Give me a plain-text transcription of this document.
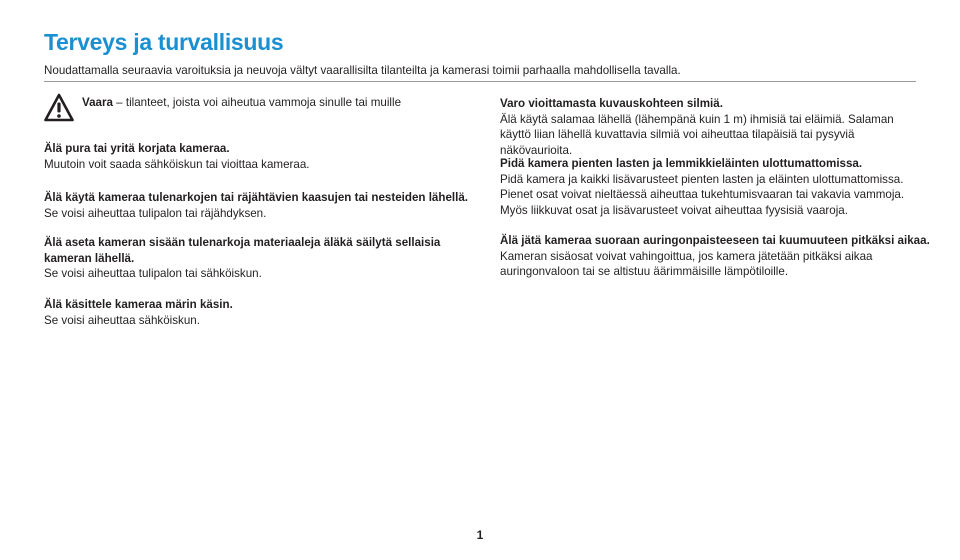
Terveys ja turvallisuus

Noudattamalla seuraavia varoituksia ja neuvoja vältyt vaarallisilta tilanteilta ja kamerasi toimii parhaalla mahdollisella tavalla.

Vaara – tilanteet, joista voi aiheutua vammoja sinulle tai muille

Älä pura tai yritä korjata kameraa.

Muutoin voit saada sähköiskun tai vioittaa kameraa.

Älä käytä kameraa tulenarkojen tai räjähtävien kaasujen tai nesteiden lähellä.

Se voisi aiheuttaa tulipalon tai räjähdyksen.

Älä aseta kameran sisään tulenarkoja materiaaleja äläkä säilytä sellaisia kameran lähellä.

Se voisi aiheuttaa tulipalon tai sähköiskun.

Älä käsittele kameraa märin käsin.

Se voisi aiheuttaa sähköiskun.

Varo vioittamasta kuvauskohteen silmiä.

Älä käytä salamaa lähellä (lähempänä kuin 1 m) ihmisiä tai eläimiä. Salaman käyttö liian lähellä kuvattavia silmiä voi aiheuttaa tilapäisiä tai pysyviä näkövaurioita.

Pidä kamera pienten lasten ja lemmikkieläinten ulottumattomissa.

Pidä kamera ja kaikki lisävarusteet pienten lasten ja eläinten ulottumattomissa. Pienet osat voivat nieltäessä aiheuttaa tukehtumisvaaran tai vakavia vammoja. Myös liikkuvat osat ja lisävarusteet voivat aiheuttaa fyysisiä vaaroja.

Älä jätä kameraa suoraan auringonpaisteeseen tai kuumuuteen pitkäksi aikaa.

Kameran sisäosat voivat vahingoittua, jos kamera jätetään pitkäksi aikaa auringonvaloon tai se altistuu äärimmäisille lämpötiloille.

1
